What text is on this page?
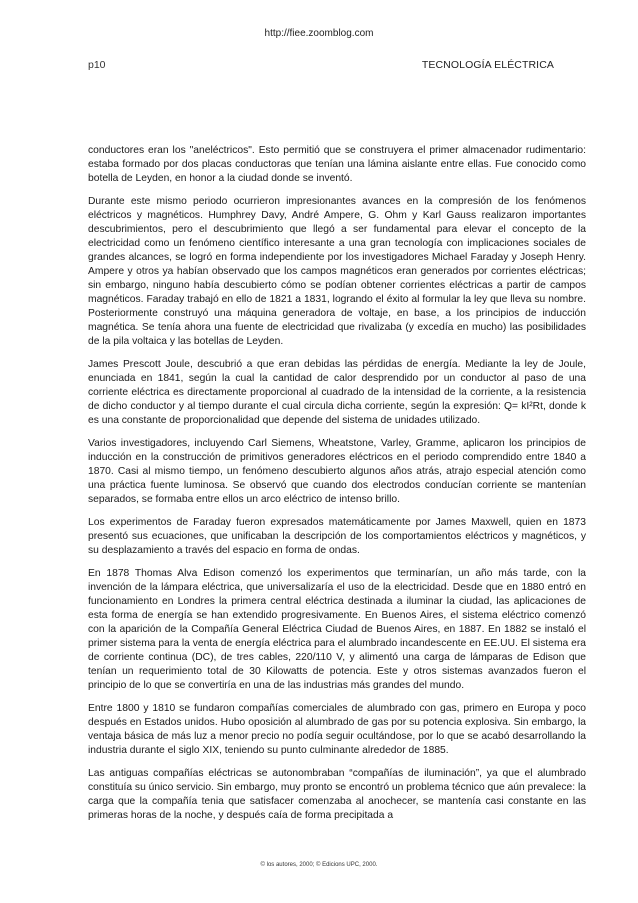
http://fiee.zoomblog.com
p10	TECNOLOGÍA ELÉCTRICA

conductores eran los "aneléctricos". Esto permitió que se construyera el primer almacenador rudimentario: estaba formado por dos placas conductoras que tenían una lámina aislante entre ellas. Fue conocido como botella de Leyden, en honor a la ciudad donde se inventó.

Durante este mismo periodo ocurrieron impresionantes avances en la compresión de los fenómenos eléctricos y magnéticos. Humphrey Davy, André Ampere, G. Ohm y Karl Gauss realizaron importantes descubrimientos, pero el descubrimiento que llegó a ser fundamental para elevar el concepto de la electricidad como un fenómeno científico interesante a una gran tecnología con implicaciones sociales de grandes alcances, se logró en forma independiente por los investigadores Michael Faraday y Joseph Henry. Ampere y otros ya habían observado que los campos magnéticos eran generados por corrientes eléctricas; sin embargo, ninguno había descubierto cómo se podían obtener corrientes eléctricas a partir de campos magnéticos. Faraday trabajó en ello de 1821 a 1831, logrando el éxito al formular la ley que lleva su nombre. Posteriormente construyó una máquina generadora de voltaje, en base, a los principios de inducción magnética. Se tenía ahora una fuente de electricidad que rivalizaba (y excedía en mucho) las posibilidades de la pila voltaica y las botellas de Leyden.

James Prescott Joule, descubrió a que eran debidas las pérdidas de energía. Mediante la ley de Joule, enunciada en 1841, según la cual la cantidad de calor desprendido por un conductor al paso de una corriente eléctrica es directamente proporcional al cuadrado de la intensidad de la corriente, a la resistencia de dicho conductor y al tiempo durante el cual circula dicha corriente, según la expresión: Q= kI²Rt, donde k es una constante de proporcionalidad que depende del sistema de unidades utilizado.

Varios investigadores, incluyendo Carl Siemens, Wheatstone, Varley, Gramme, aplicaron los principios de inducción en la construcción de primitivos generadores eléctricos en el periodo comprendido entre 1840 a 1870. Casi al mismo tiempo, un fenómeno descubierto algunos años atrás, atrajo especial atención como una práctica fuente luminosa. Se observó que cuando dos electrodos conducían corriente se mantenían separados, se formaba entre ellos un arco eléctrico de intenso brillo.

Los experimentos de Faraday fueron expresados matemáticamente por James Maxwell, quien en 1873 presentó sus ecuaciones, que unificaban la descripción de los comportamientos eléctricos y magnéticos, y su desplazamiento a través del espacio en forma de ondas.

En 1878 Thomas Alva Edison comenzó los experimentos que terminarían, un año más tarde, con la invención de la lámpara eléctrica, que universalizaría el uso de la electricidad. Desde que en 1880 entró en funcionamiento en Londres la primera central eléctrica destinada a iluminar la ciudad, las aplicaciones de esta forma de energía se han extendido progresivamente. En Buenos Aires, el sistema eléctrico comenzó con la aparición de la Compañía General Eléctrica Ciudad de Buenos Aires, en 1887. En 1882 se instaló el primer sistema para la venta de energía eléctrica para el alumbrado incandescente en EE.UU. El sistema era de corriente continua (DC), de tres cables, 220/110 V, y alimentó una carga de lámparas de Edison que tenían un requerimiento total de 30 Kilowatts de potencia. Este y otros sistemas avanzados fueron el principio de lo que se convertiría en una de las industrias más grandes del mundo.

Entre 1800 y 1810 se fundaron compañías comerciales de alumbrado con gas, primero en Europa y poco después en Estados unidos. Hubo oposición al alumbrado de gas por su potencia explosiva. Sin embargo, la ventaja básica de más luz a menor precio no podía seguir ocultándose, por lo que se acabó desarrollando la industria durante el siglo XIX, teniendo su punto culminante alrededor de 1885.

Las antiguas compañías eléctricas se autonombraban “compañías de iluminación”, ya que el alumbrado constituía su único servicio. Sin embargo, muy pronto se encontró un problema técnico que aún prevalece: la carga que la compañía tenia que satisfacer comenzaba al anochecer, se mantenía casi constante en las primeras horas de la noche, y después caía de forma precipitada a

© los autores, 2000; © Edicions UPC, 2000.
